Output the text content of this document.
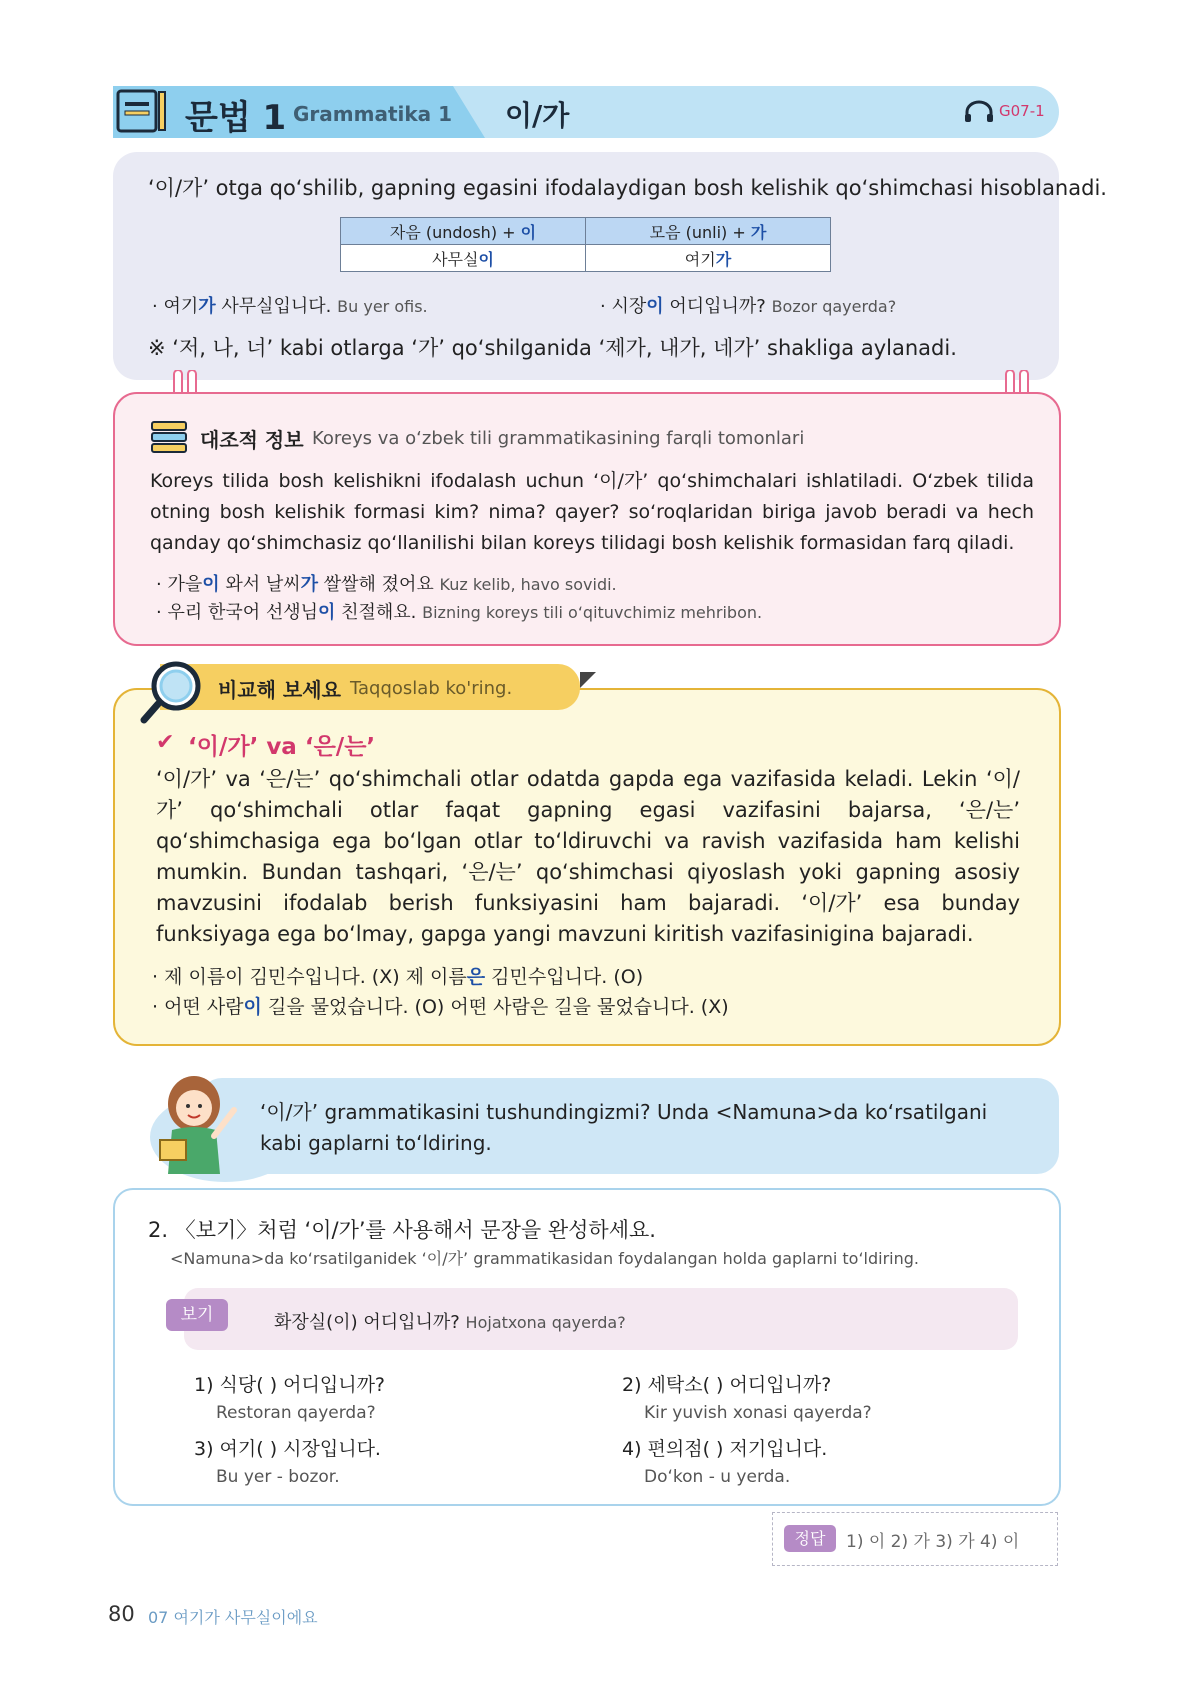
문법 1 Grammatika 1 이/가	G07-1
‘이/가’ otga qo‘shilib, gapning egasini ifodalaydigan bosh kelishik qo‘shimchasi hisoblanadi.
자음 (undosh) + 이	모음 (unli) + 가
사무실이	여기가
· 여기가 사무실입니다. Bu yer ofis.	· 시장이 어디입니까? Bozor qayerda?
※ ‘저, 나, 너’ kabi otlarga ‘가’ qo‘shilganida ‘제가, 내가, 네가’ shakliga aylanadi.
대조적 정보 Koreys va o‘zbek tili grammatikasining farqli tomonlari
Koreys tilida bosh kelishikni ifodalash uchun ‘이/가’ qo‘shimchalari ishlatiladi. O‘zbek tilida otning bosh kelishik formasi kim? nima? qayer? so‘roqlaridan biriga javob beradi va hech qanday qo‘shimchasiz qo‘llanilishi bilan koreys tilidagi bosh kelishik formasidan farq qiladi.
· 가을이 와서 날씨가 쌀쌀해 졌어요 Kuz kelib, havo sovidi.
· 우리 한국어 선생님이 친절해요. Bizning koreys tili o‘qituvchimiz mehribon.
비교해 보세요 Taqqoslab ko'ring.
✔ ‘이/가’ va ‘은/는’
‘이/가’ va ‘은/는’ qo‘shimchali otlar odatda gapda ega vazifasida keladi. Lekin ‘이/가’ qo‘shimchali otlar faqat gapning egasi vazifasini bajarsa, ‘은/는’ qo‘shimchasiga ega bo‘lgan otlar to‘ldiruvchi va ravish vazifasida ham kelishi mumkin. Bundan tashqari, ‘은/는’ qo‘shimchasi qiyoslash yoki gapning asosiy mavzusini ifodalab berish funksiyasini ham bajaradi. ‘이/가’ esa bunday funksiyaga ega bo‘lmay, gapga yangi mavzuni kiritish vazifasinigina bajaradi.
· 제 이름이 김민수입니다. (X) 제 이름은 김민수입니다. (O)
· 어떤 사람이 길을 물었습니다. (O) 어떤 사람은 길을 물었습니다. (X)
‘이/가’ grammatikasini tushundingizmi? Unda <Namuna>da ko‘rsatilgani kabi gaplarni to‘ldiring.
2. 〈보기〉처럼 ‘이/가’를 사용해서 문장을 완성하세요.
<Namuna>da ko‘rsatilganidek ‘이/가’ grammatikasidan foydalangan holda gaplarni to‘ldiring.
보기	화장실(이) 어디입니까? Hojatxona qayerda?
1) 식당( ) 어디입니까?
Restoran qayerda?
2) 세탁소( ) 어디입니까?
Kir yuvish xonasi qayerda?
3) 여기( ) 시장입니다.
Bu yer - bozor.
4) 편의점( ) 저기입니다.
Do‘kon - u yerda.
정답	1) 이 2) 가 3) 가 4) 이
80 07 여기가 사무실이에요
